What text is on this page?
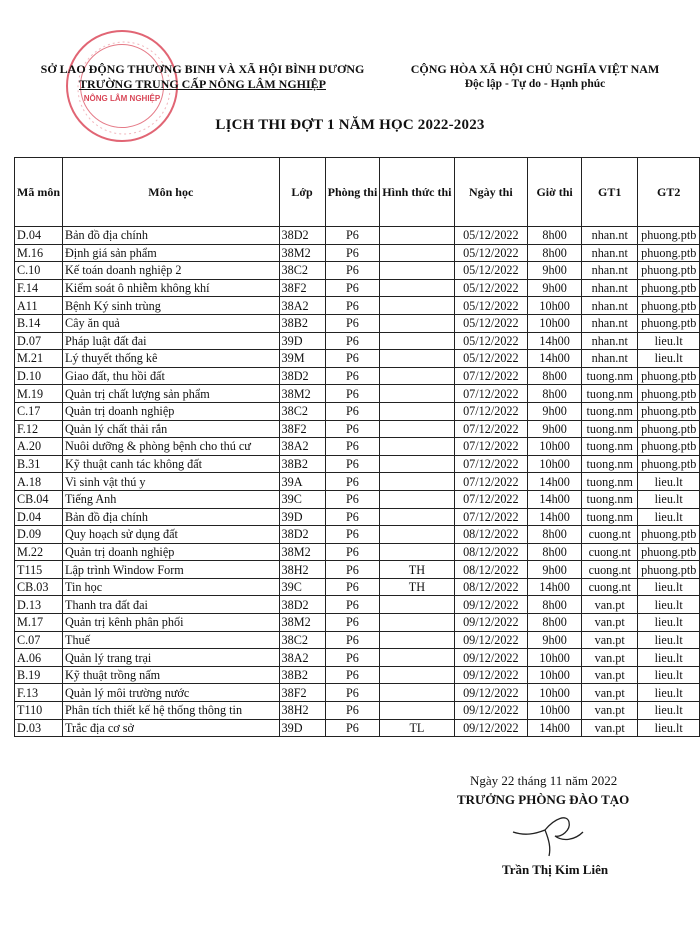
NÔNG LÂM NGHIỆP
SỞ LAO ĐỘNG THƯƠNG BINH VÀ XÃ HỘI BÌNH DƯƠNG
TRƯỜNG TRUNG CẤP NÔNG LÂM NGHIỆP
CỘNG HÒA XÃ HỘI CHỦ NGHĨA VIỆT NAM
Độc lập - Tự do - Hạnh phúc
LỊCH THI ĐỢT 1 NĂM HỌC 2022-2023
Mã môn	Môn học	Lớp	Phòng thi	Hình thức thi	Ngày thi	Giờ thi	GT1	GT2
D.04	Bản đồ địa chính	38D2	P6		05/12/2022	8h00	nhan.nt	phuong.ptb
M.16	Định giá sản phẩm	38M2	P6		05/12/2022	8h00	nhan.nt	phuong.ptb
C.10	Kế toán doanh nghiệp 2	38C2	P6		05/12/2022	9h00	nhan.nt	phuong.ptb
F.14	Kiểm soát ô nhiễm không khí	38F2	P6		05/12/2022	9h00	nhan.nt	phuong.ptb
A11	Bệnh Ký sinh trùng	38A2	P6		05/12/2022	10h00	nhan.nt	phuong.ptb
B.14	Cây ăn quả	38B2	P6		05/12/2022	10h00	nhan.nt	phuong.ptb
D.07	Pháp luật đất đai	39D	P6		05/12/2022	14h00	nhan.nt	lieu.lt
M.21	Lý thuyết thống kê	39M	P6		05/12/2022	14h00	nhan.nt	lieu.lt
D.10	Giao đất, thu hồi đất	38D2	P6		07/12/2022	8h00	tuong.nm	phuong.ptb
M.19	Quản trị chất lượng sản phẩm	38M2	P6		07/12/2022	8h00	tuong.nm	phuong.ptb
C.17	Quản trị doanh nghiệp	38C2	P6		07/12/2022	9h00	tuong.nm	phuong.ptb
F.12	Quản lý chất thải rắn	38F2	P6		07/12/2022	9h00	tuong.nm	phuong.ptb
A.20	Nuôi dưỡng & phòng bệnh cho thú cư	38A2	P6		07/12/2022	10h00	tuong.nm	phuong.ptb
B.31	Kỹ thuật canh tác không đất	38B2	P6		07/12/2022	10h00	tuong.nm	phuong.ptb
A.18	Vi sinh vật thú y	39A	P6		07/12/2022	14h00	tuong.nm	lieu.lt
CB.04	Tiếng Anh	39C	P6		07/12/2022	14h00	tuong.nm	lieu.lt
D.04	Bản đồ địa chính	39D	P6		07/12/2022	14h00	tuong.nm	lieu.lt
D.09	Quy hoạch sử dụng đất	38D2	P6		08/12/2022	8h00	cuong.nt	phuong.ptb
M.22	Quản trị doanh nghiệp	38M2	P6		08/12/2022	8h00	cuong.nt	phuong.ptb
T115	Lập trình Window Form	38H2	P6	TH	08/12/2022	9h00	cuong.nt	phuong.ptb
CB.03	Tin học	39C	P6	TH	08/12/2022	14h00	cuong.nt	lieu.lt
D.13	Thanh tra đất đai	38D2	P6		09/12/2022	8h00	van.pt	lieu.lt
M.17	Quản trị kênh phân phối	38M2	P6		09/12/2022	8h00	van.pt	lieu.lt
C.07	Thuế	38C2	P6		09/12/2022	9h00	van.pt	lieu.lt
A.06	Quản lý trang trại	38A2	P6		09/12/2022	10h00	van.pt	lieu.lt
B.19	Kỹ thuật trồng nấm	38B2	P6		09/12/2022	10h00	van.pt	lieu.lt
F.13	Quản lý môi trường nước	38F2	P6		09/12/2022	10h00	van.pt	lieu.lt
T110	Phân tích thiết kế hệ thống thông tin	38H2	P6		09/12/2022	10h00	van.pt	lieu.lt
D.03	Trắc địa cơ sở	39D	P6	TL	09/12/2022	14h00	van.pt	lieu.lt
Ngày 22 tháng 11 năm 2022
TRƯỞNG PHÒNG ĐÀO TẠO
Trần Thị Kim Liên
